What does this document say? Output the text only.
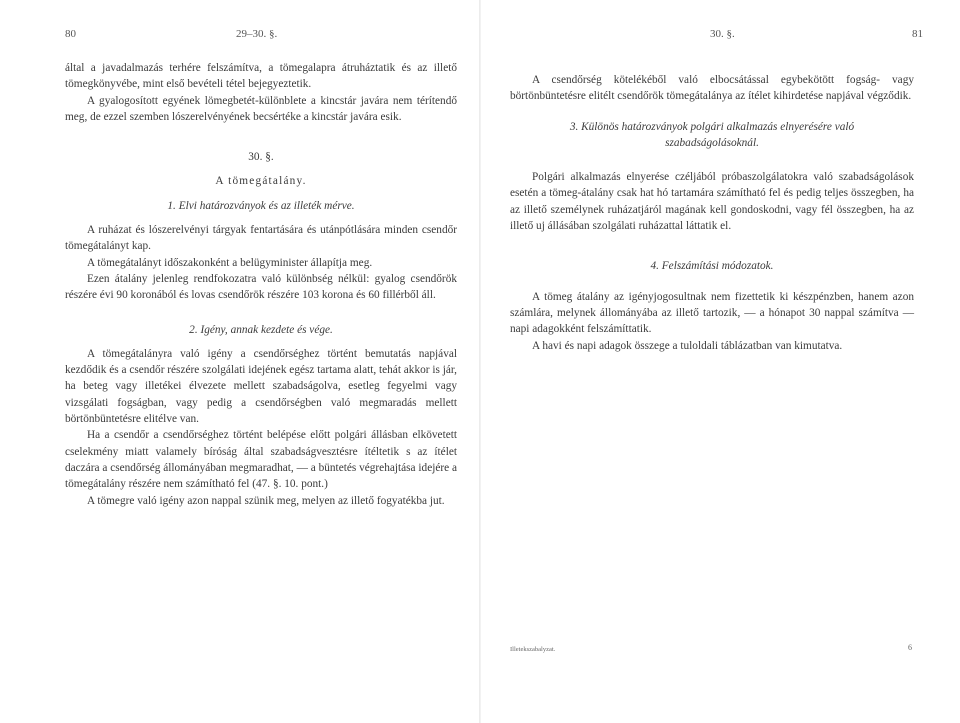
80	29–30. §.

által a javadalmazás terhére felszámítva, a tömegalapra átruháztatik és az illető tömegkönyvébe, mint első bevételi tétel bejegyeztetik.

A gyalogosított egyének lömegbetét-különblete a kincstár javára nem térítendő meg, de ezzel szemben lószerelvényének becsértéke a kincstár javára esik.

30. §.

A tömegátalány.

1. Elvi határozványok és az illeték mérve.

A ruházat és lószerelvényi tárgyak fentartására és utánpótlására minden csendőr tömegátalányt kap.

A tömegátalányt időszakonként a belügyminister állapítja meg.

Ezen átalány jelenleg rendfokozatra való különbség nélkül: gyalog csendőrök részére évi 90 koronából és lovas csendőrök részére 103 korona és 60 fillérből áll.

2. Igény, annak kezdete és vége.

A tömegátalányra való igény a csendőrséghez történt bemutatás napjával kezdődik és a csendőr részére szolgálati idejének egész tartama alatt, tehát akkor is jár, ha beteg vagy illetékei élvezete mellett szabadságolva, esetleg fegyelmi vagy vizsgálati fogságban, vagy pedig a csendőrségben való megmaradás mellett börtönbüntetésre elitélve van.

Ha a csendőr a csendőrséghez történt belépése előtt polgári állásban elkövetett cselekmény miatt valamely bíróság által szabadságvesztésre ítéltetik s az ítélet daczára a csendőrség állományában megmaradhat, — a büntetés végrehajtása idejére a tömegátalány részére nem számítható fel (47. §. 10. pont.)

A tömegre való igény azon nappal szünik meg, melyen az illető fogyatékba jut.

30. §.	81

A csendőrség kötelékéből való elbocsátással egybekötött fogság- vagy börtönbüntetésre elitélt csendőrök tömegátalánya az ítélet kihirdetése napjával végződik.

3. Különös határozványok polgári alkalmazás elnyerésére való szabadságolásoknál.

Polgári alkalmazás elnyerése czéljából próbaszolgálatokra való szabadságolások esetén a tömeg-átalány csak hat hó tartamára számítható fel és pedig teljes összegben, ha az illető személynek ruházatjáról magának kell gondoskodni, vagy fél összegben, ha az illető uj állásában szolgálati ruházattal láttatik el.

4. Felszámítási módozatok.

A tömeg átalány az igényjogosultnak nem fizettetik ki készpénzben, hanem azon számlára, melynek állományába az illető tartozik, — a hónapot 30 nappal számítva — napi adagokként felszámíttatik.

A havi és napi adagok összege a tuloldali táblázatban van kimutatva.

Illetekszabalyzat.	6
